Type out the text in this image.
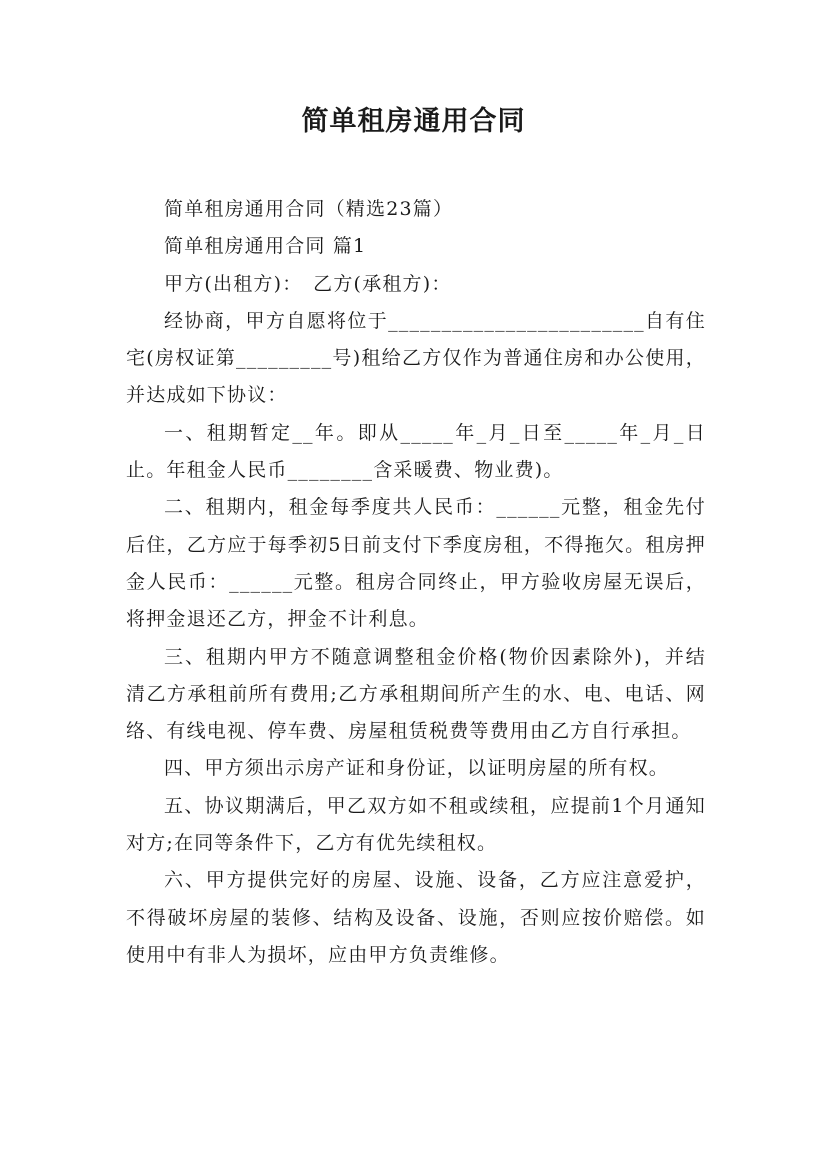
简单租房通用合同

简单租房通用合同（精选23篇）

简单租房通用合同 篇1

甲方(出租方)：　乙方(承租方)：

经协商，甲方自愿将位于________________________自有住宅(房权证第_________号)租给乙方仅作为普通住房和办公使用，并达成如下协议：

一、租期暂定__年。即从_____年_月_日至_____年_月_日止。年租金人民币________含采暖费、物业费)。

二、租期内，租金每季度共人民币：______元整，租金先付后住，乙方应于每季初5日前支付下季度房租，不得拖欠。租房押金人民币：______元整。租房合同终止，甲方验收房屋无误后，将押金退还乙方，押金不计利息。

三、租期内甲方不随意调整租金价格(物价因素除外)，并结清乙方承租前所有费用;乙方承租期间所产生的水、电、电话、网络、有线电视、停车费、房屋租赁税费等费用由乙方自行承担。

四、甲方须出示房产证和身份证，以证明房屋的所有权。

五、协议期满后，甲乙双方如不租或续租，应提前1个月通知对方;在同等条件下，乙方有优先续租权。

六、甲方提供完好的房屋、设施、设备，乙方应注意爱护，不得破坏房屋的装修、结构及设备、设施，否则应按价赔偿。如使用中有非人为损坏，应由甲方负责维修。
